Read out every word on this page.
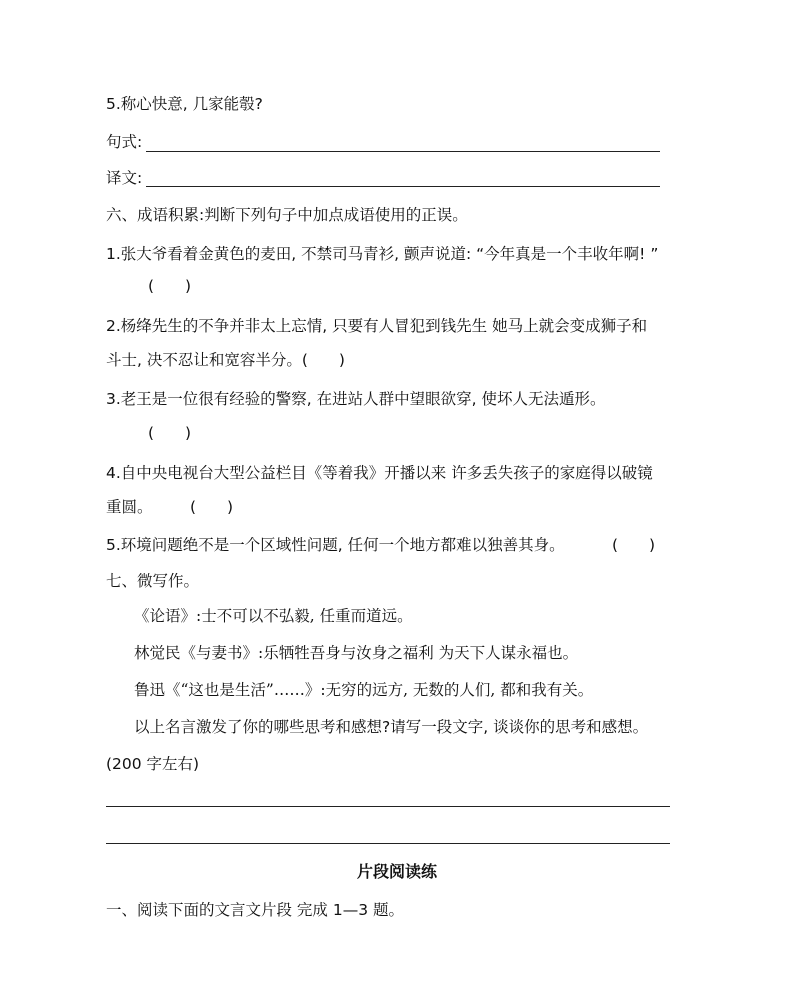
5.称心快意, 几家能彀?
句式:
译文:
六、成语积累:判断下列句子中加点成语使用的正误。
1.张大爷看着金黄色的麦田, 不禁司马青衫, 颤声说道: “今年真是一个丰收年啊! ”
(　　)
2.杨绛先生的不争并非太上忘情, 只要有人冒犯到钱先生 她马上就会变成狮子和
斗士, 决不忍让和宽容半分。(　　)
3.老王是一位很有经验的警察, 在进站人群中望眼欲穿, 使坏人无法遁形。
(　　)
4.自中央电视台大型公益栏目《等着我》开播以来 许多丢失孩子的家庭得以破镜
重圆。 (　　)
5.环境问题绝不是一个区域性问题, 任何一个地方都难以独善其身。	(　　)
七、微写作。
《论语》:士不可以不弘毅, 任重而道远。
林觉民《与妻书》:乐牺牲吾身与汝身之福利 为天下人谋永福也。
鲁迅《“这也是生活”……》:无穷的远方, 无数的人们, 都和我有关。
以上名言激发了你的哪些思考和感想?请写一段文字, 谈谈你的思考和感想。
(200 字左右)
片段阅读练
一、阅读下面的文言文片段 完成 1—3 题。
